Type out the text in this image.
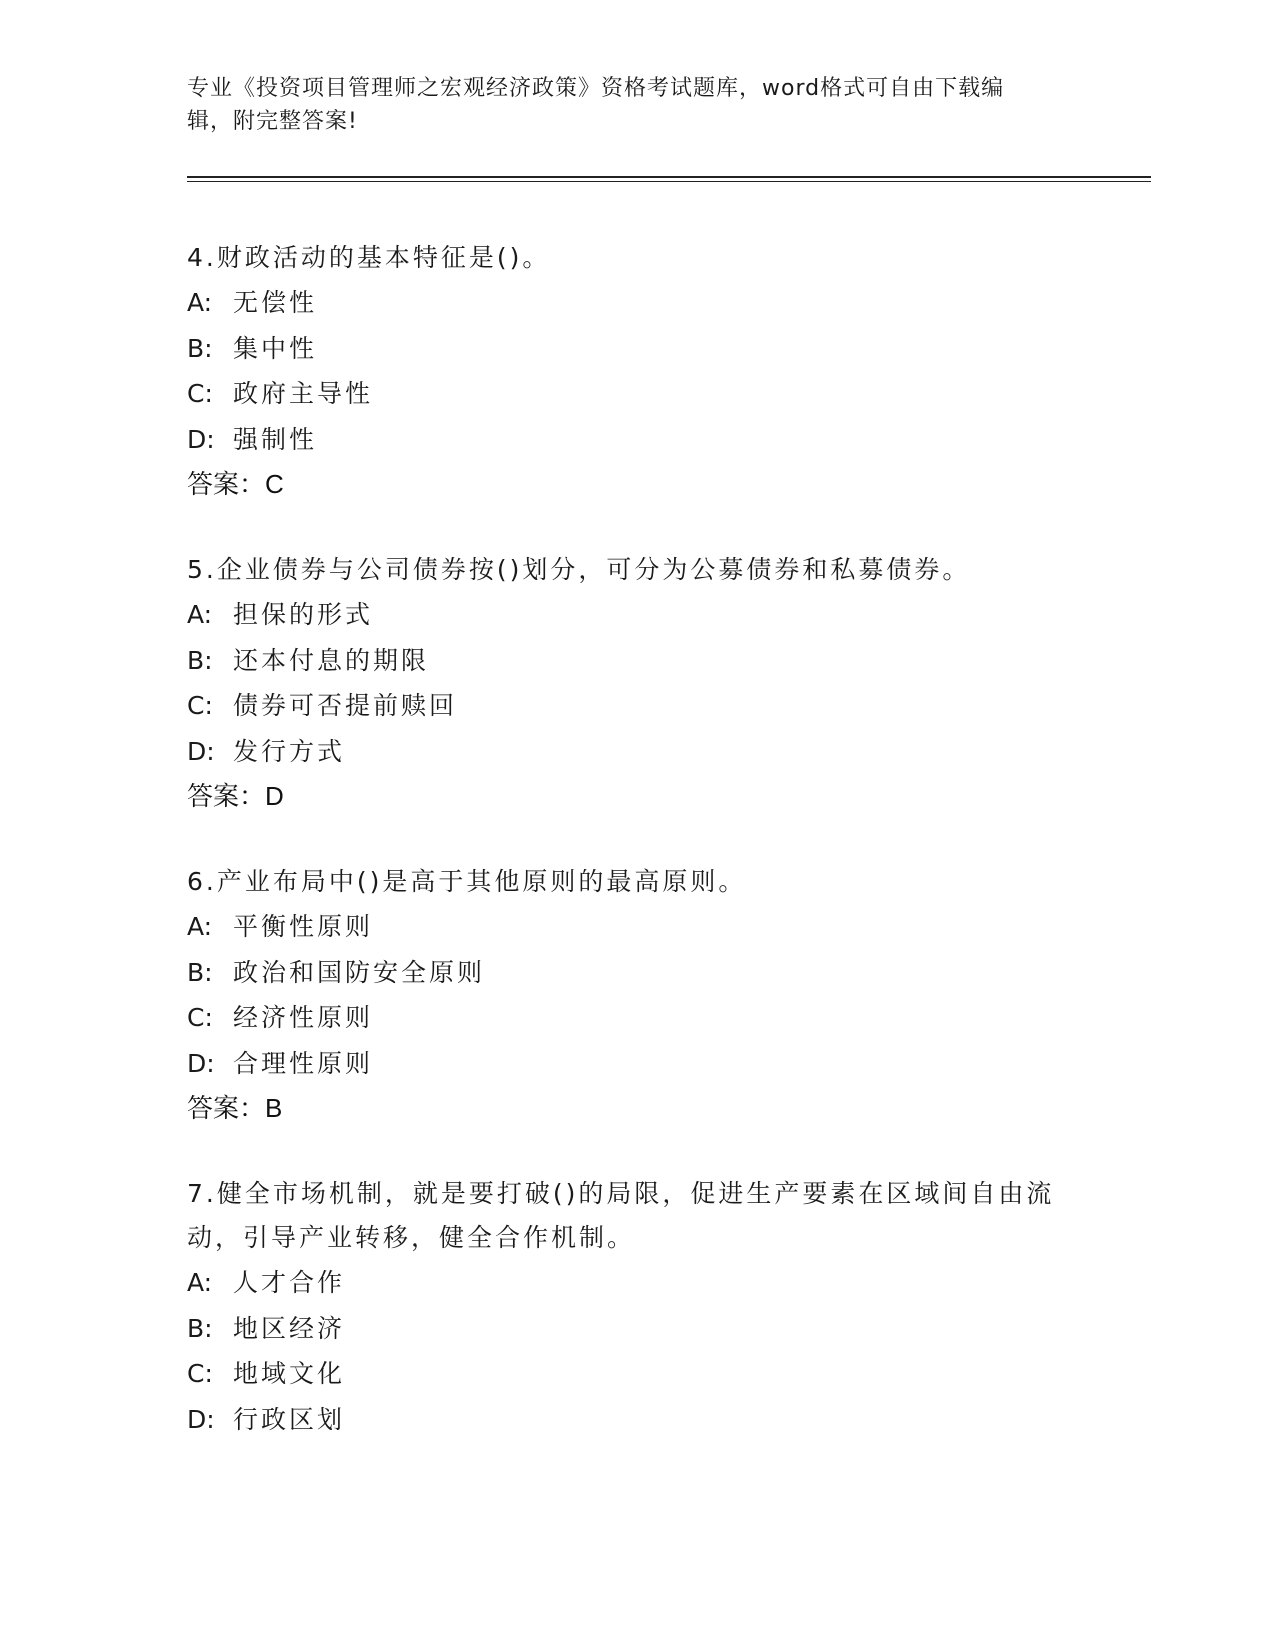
专业《投资项目管理师之宏观经济政策》资格考试题库，word格式可自由下载编
辑，附完整答案!

4.财政活动的基本特征是()。

A: 无偿性

B: 集中性

C: 政府主导性

D: 强制性

答案：C

5.企业债券与公司债券按()划分，可分为公募债券和私募债券。

A: 担保的形式

B: 还本付息的期限

C: 债券可否提前赎回

D: 发行方式

答案：D

6.产业布局中()是高于其他原则的最高原则。

A: 平衡性原则

B: 政治和国防安全原则

C: 经济性原则

D: 合理性原则

答案：B

7.健全市场机制，就是要打破()的局限，促进生产要素在区域间自由流动，引导产业转移，健全合作机制。

A: 人才合作

B: 地区经济

C: 地域文化

D: 行政区划
